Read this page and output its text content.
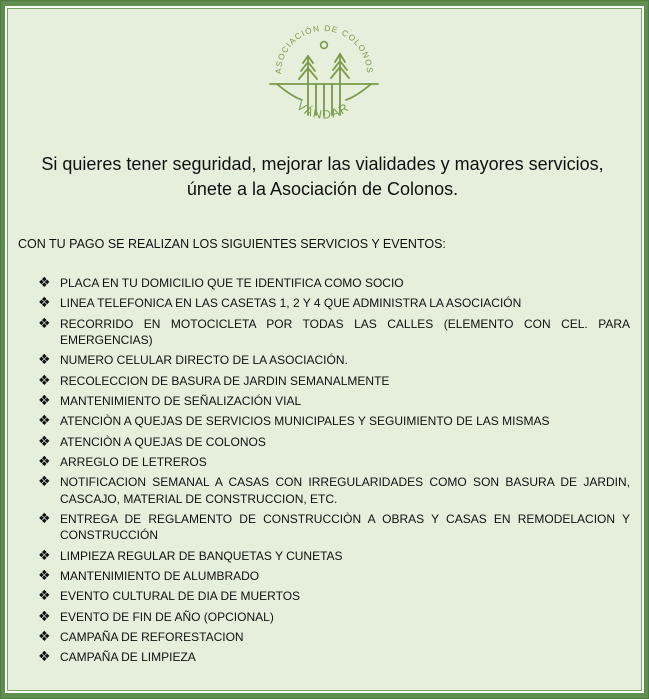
ASOCIACIÓN DE COLONOS
VÁNDAR
Si quieres tener seguridad, mejorar las vialidades y mayores servicios,
únete a la Asociación de Colonos.
CON TU PAGO SE REALIZAN LOS SIGUIENTES SERVICIOS Y EVENTOS:
❖ PLACA EN TU DOMICILIO QUE TE IDENTIFICA COMO SOCIO
❖ LINEA TELEFONICA EN LAS CASETAS 1, 2 Y 4 QUE ADMINISTRA LA ASOCIACIÓN
❖ RECORRIDO EN MOTOCICLETA POR TODAS LAS CALLES (ELEMENTO CON CEL. PARA EMERGENCIAS)
❖ NUMERO CELULAR DIRECTO DE LA ASOCIACIÓN.
❖ RECOLECCION DE BASURA DE JARDIN SEMANALMENTE
❖ MANTENIMIENTO DE SEÑALIZACIÓN VIAL
❖ ATENCIÒN A QUEJAS DE SERVICIOS MUNICIPALES Y SEGUIMIENTO DE LAS MISMAS
❖ ATENCIÒN A QUEJAS DE COLONOS
❖ ARREGLO DE LETREROS
❖ NOTIFICACION SEMANAL A CASAS CON IRREGULARIDADES COMO SON BASURA DE JARDIN, CASCAJO, MATERIAL DE CONSTRUCCION, ETC.
❖ ENTREGA DE REGLAMENTO DE CONSTRUCCIÒN A OBRAS Y CASAS EN REMODELACION Y CONSTRUCCIÓN
❖ LIMPIEZA REGULAR DE BANQUETAS Y CUNETAS
❖ MANTENIMIENTO DE ALUMBRADO
❖ EVENTO CULTURAL DE DIA DE MUERTOS
❖ EVENTO DE FIN DE AÑO (OPCIONAL)
❖ CAMPAÑA DE REFORESTACION
❖ CAMPAÑA DE LIMPIEZA
